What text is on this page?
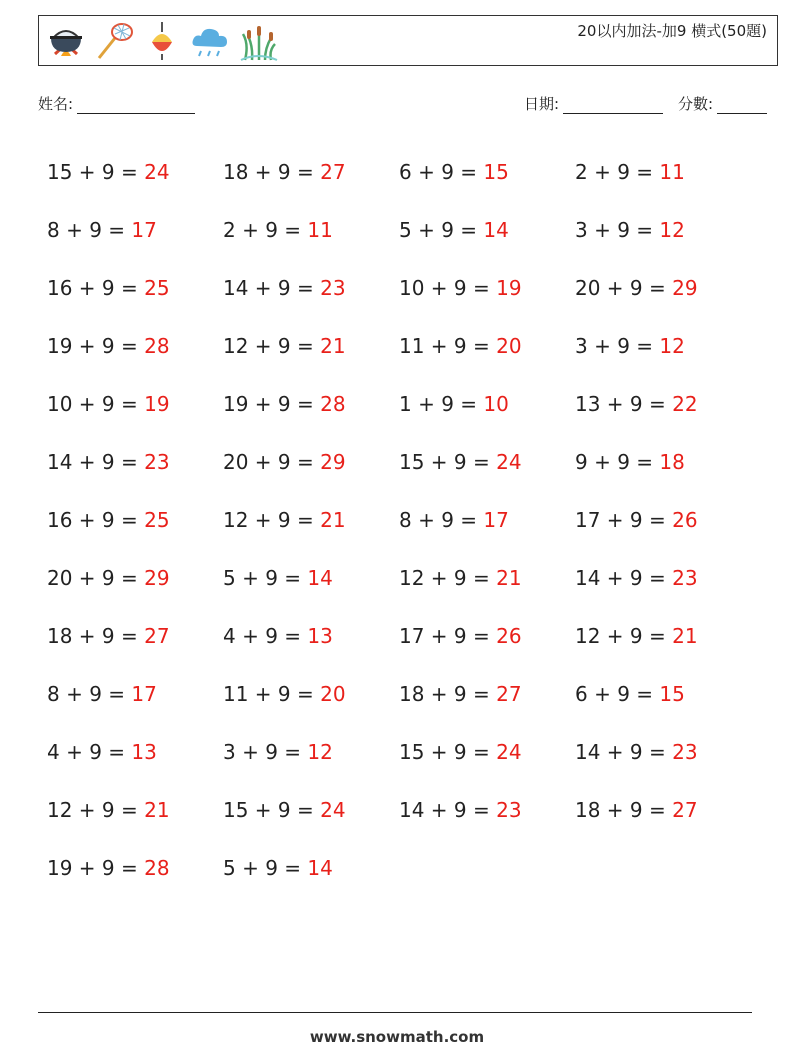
20以内加法-加9 横式(50題)
姓名:	日期:	分數:
15 + 9 = 24	18 + 9 = 27	6 + 9 = 15	2 + 9 = 11
8 + 9 = 17	2 + 9 = 11	5 + 9 = 14	3 + 9 = 12
16 + 9 = 25	14 + 9 = 23	10 + 9 = 19	20 + 9 = 29
19 + 9 = 28	12 + 9 = 21	11 + 9 = 20	3 + 9 = 12
10 + 9 = 19	19 + 9 = 28	1 + 9 = 10	13 + 9 = 22
14 + 9 = 23	20 + 9 = 29	15 + 9 = 24	9 + 9 = 18
16 + 9 = 25	12 + 9 = 21	8 + 9 = 17	17 + 9 = 26
20 + 9 = 29	5 + 9 = 14	12 + 9 = 21	14 + 9 = 23
18 + 9 = 27	4 + 9 = 13	17 + 9 = 26	12 + 9 = 21
8 + 9 = 17	11 + 9 = 20	18 + 9 = 27	6 + 9 = 15
4 + 9 = 13	3 + 9 = 12	15 + 9 = 24	14 + 9 = 23
12 + 9 = 21	15 + 9 = 24	14 + 9 = 23	18 + 9 = 27
19 + 9 = 28	5 + 9 = 14
www.snowmath.com
